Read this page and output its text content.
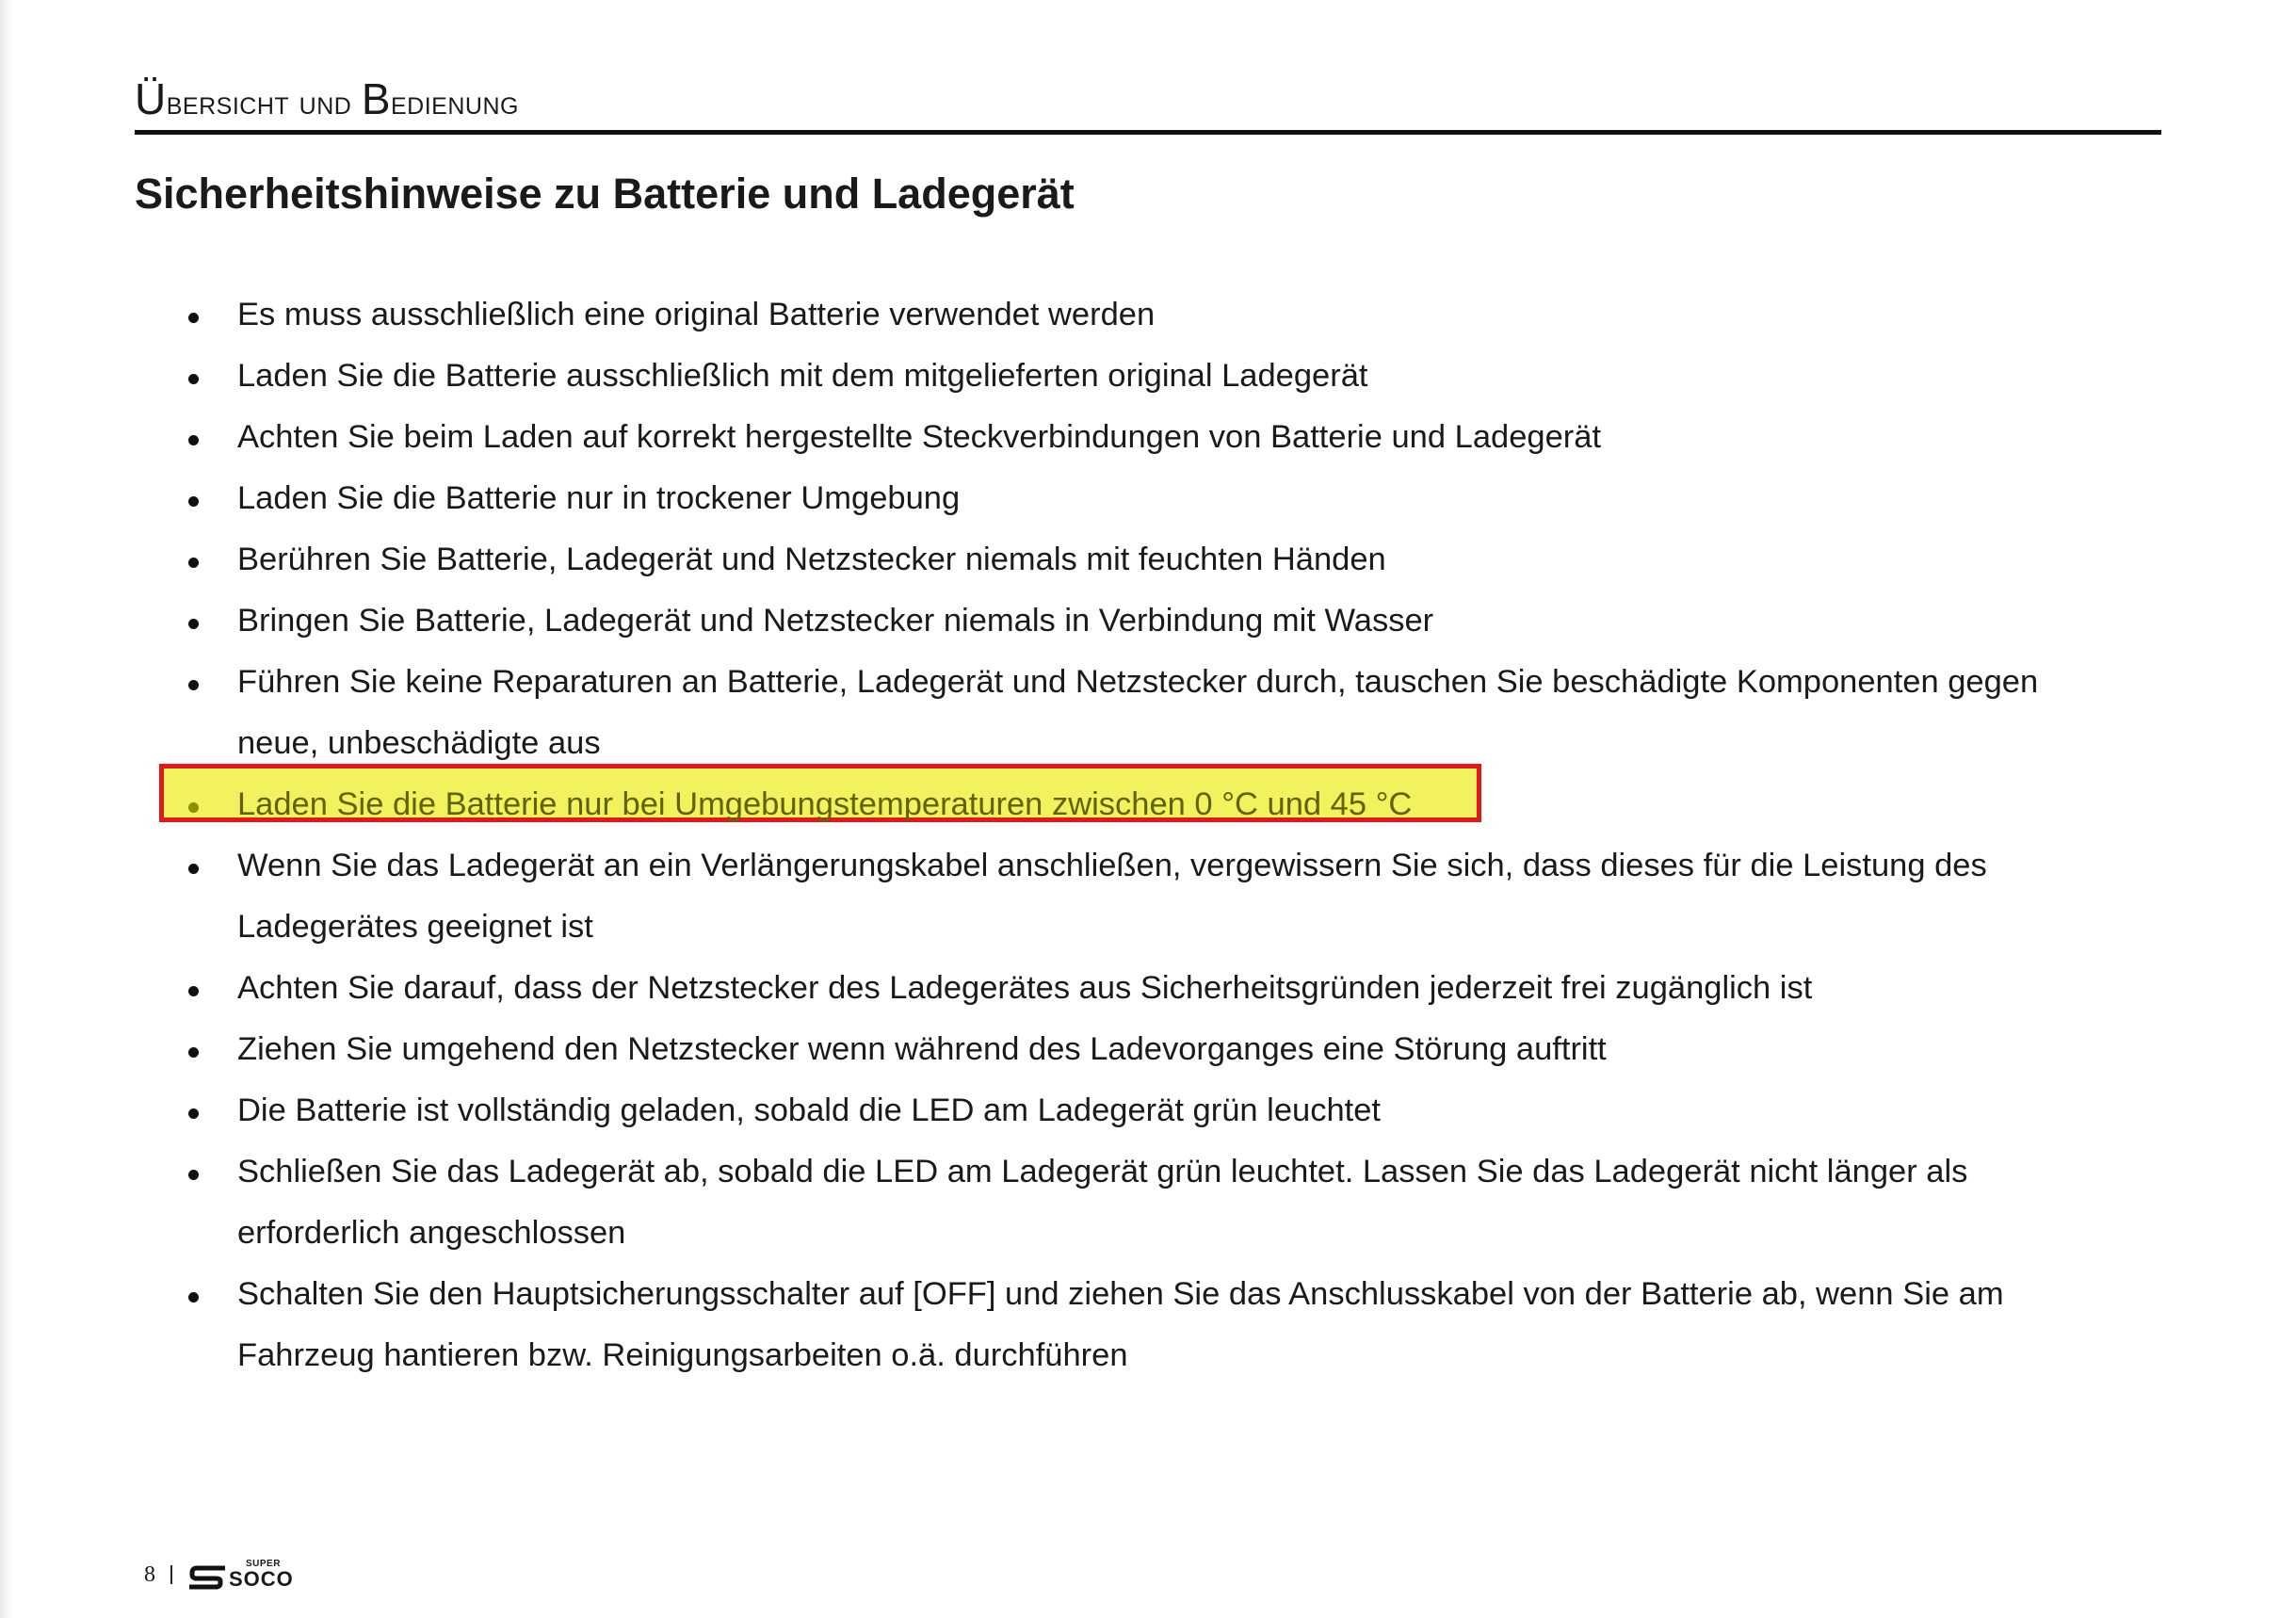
Übersicht und Bedienung
Sicherheitshinweise zu Batterie und Ladegerät
Es muss ausschließlich eine original Batterie verwendet werden
Laden Sie die Batterie ausschließlich mit dem mitgelieferten original Ladegerät
Achten Sie beim Laden auf korrekt hergestellte Steckverbindungen von Batterie und Ladegerät
Laden Sie die Batterie nur in trockener Umgebung
Berühren Sie Batterie, Ladegerät und Netzstecker niemals mit feuchten Händen
Bringen Sie Batterie, Ladegerät und Netzstecker niemals in Verbindung mit Wasser
Führen Sie keine Reparaturen an Batterie, Ladegerät und Netzstecker durch, tauschen Sie beschädigte Komponenten gegen
neue, unbeschädigte aus
Laden Sie die Batterie nur bei Umgebungstemperaturen zwischen 0 °C und 45 °C
Wenn Sie das Ladegerät an ein Verlängerungskabel anschließen, vergewissern Sie sich, dass dieses für die Leistung des
Ladegerätes geeignet ist
Achten Sie darauf, dass der Netzstecker des Ladegerätes aus Sicherheitsgründen jederzeit frei zugänglich ist
Ziehen Sie umgehend den Netzstecker wenn während des Ladevorganges eine Störung auftritt
Die Batterie ist vollständig geladen, sobald die LED am Ladegerät grün leuchtet
Schließen Sie das Ladegerät ab, sobald die LED am Ladegerät grün leuchtet. Lassen Sie das Ladegerät nicht länger als
erforderlich angeschlossen
Schalten Sie den Hauptsicherungsschalter auf [OFF] und ziehen Sie das Anschlusskabel von der Batterie ab, wenn Sie am
Fahrzeug hantieren bzw. Reinigungsarbeiten o.ä. durchführen
8	SUPER
SOCO
